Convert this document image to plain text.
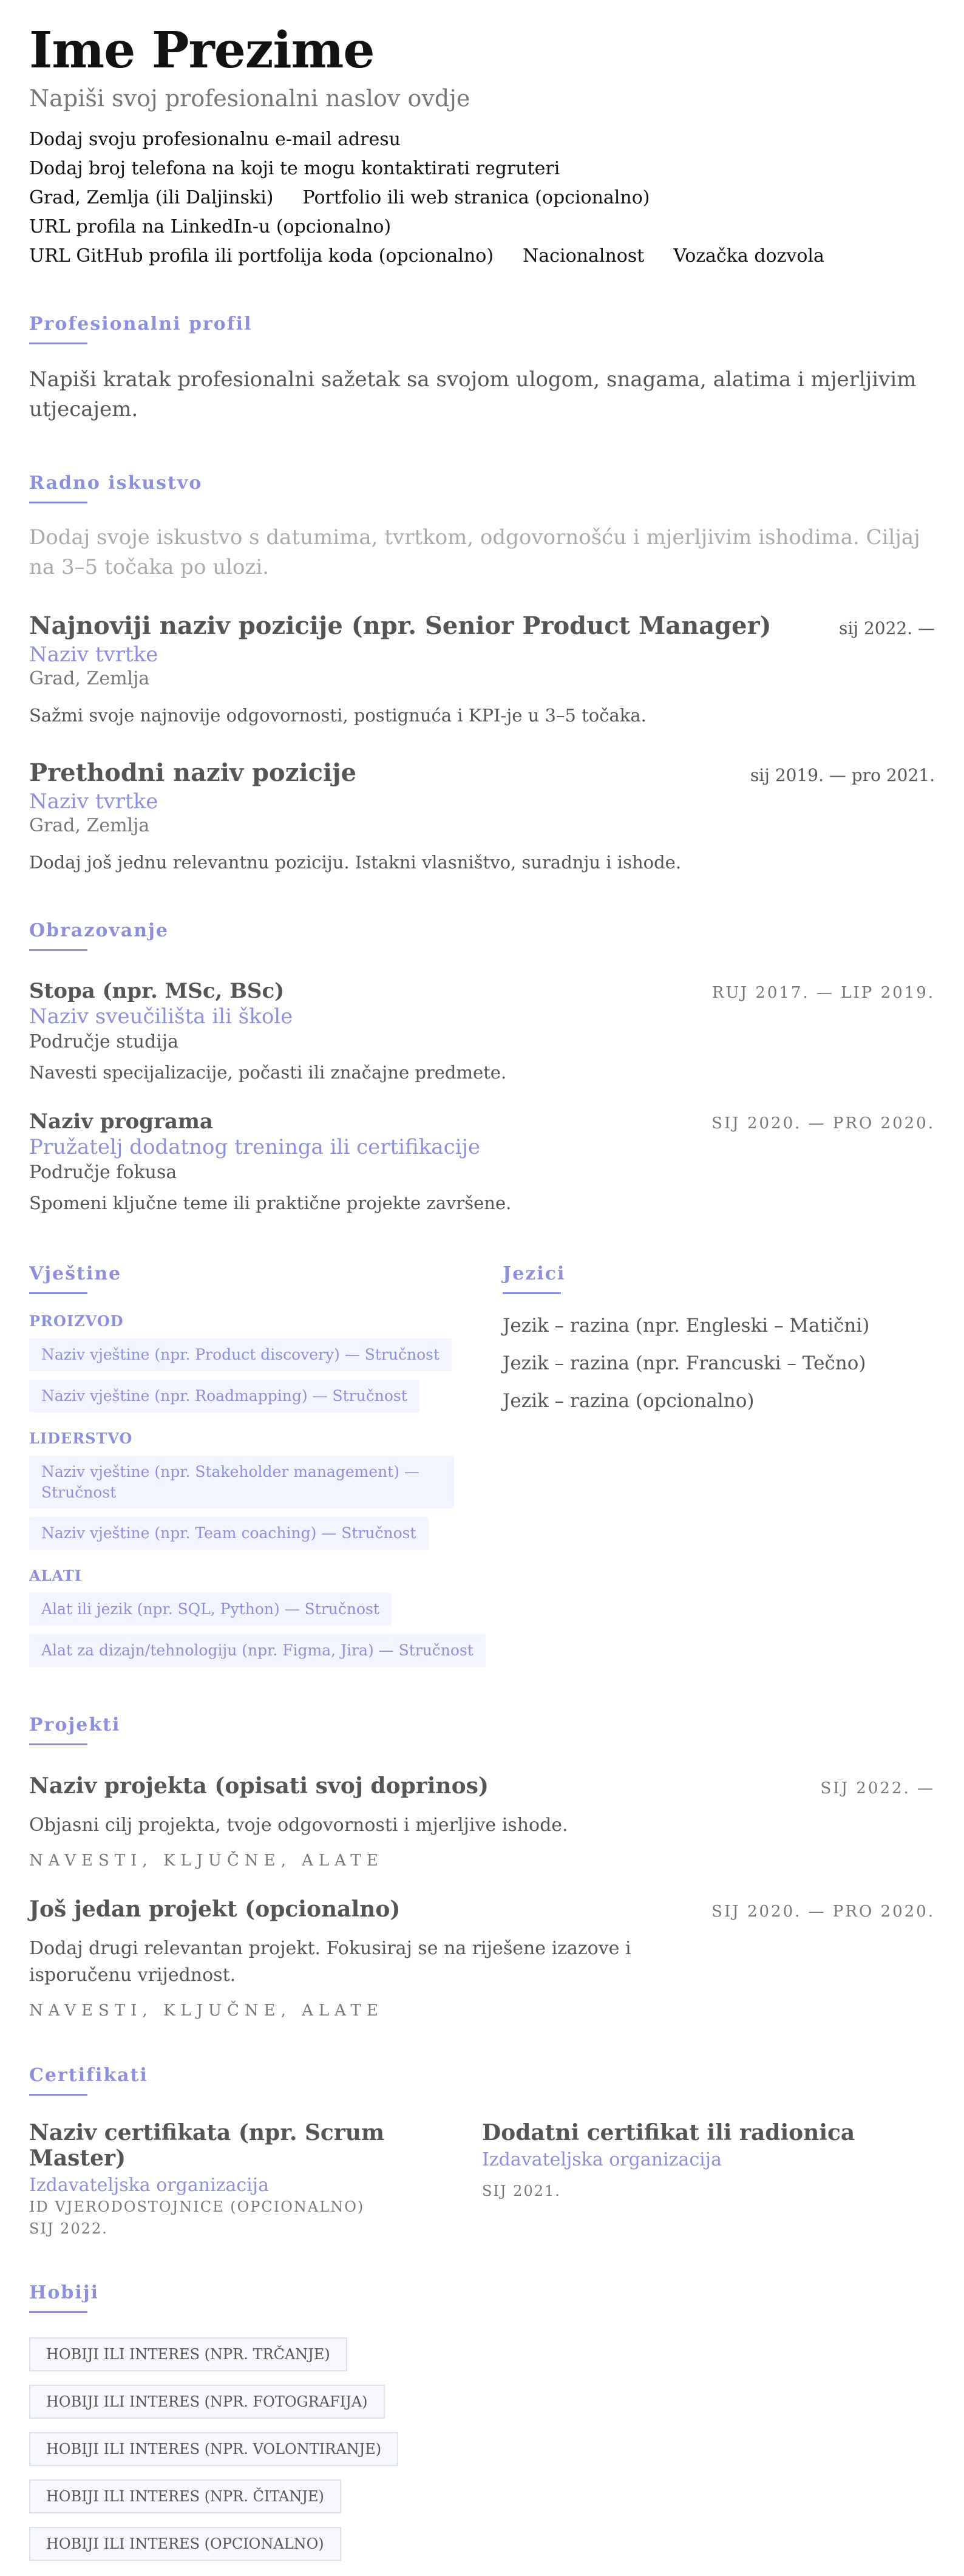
Ime Prezime
Napiši svoj profesionalni naslov ovdje
Dodaj svoju profesionalnu e-mail adresuDodaj broj telefona na koji te mogu kontaktirati regruteri
Grad, Zemlja (ili Daljinski) Portfolio ili web stranica (opcionalno)URL profila na LinkedIn-u (opcionalno)
URL GitHub profila ili portfolija koda (opcionalno) Nacionalnost Vozačka dozvola
Profesionalni profil
Napiši kratak profesionalni sažetak sa svojom ulogom, snagama, alatima i mjerljivim utjecajem.
Radno iskustvo
Dodaj svoje iskustvo s datumima, tvrtkom, odgovornošću i mjerljivim ishodima. Ciljaj na 3–5 točaka po ulozi.
Najnoviji naziv pozicije (npr. Senior Product Manager)	sij 2022. —
Naziv tvrtke
Grad, Zemlja
Sažmi svoje najnovije odgovornosti, postignuća i KPI-je u 3–5 točaka.
Prethodni naziv pozicije	sij 2019. — pro 2021.
Naziv tvrtke
Grad, Zemlja
Dodaj još jednu relevantnu poziciju. Istakni vlasništvo, suradnju i ishode.
Obrazovanje
Stopa (npr. MSc, BSc)	RUJ 2017. — LIP 2019.
Naziv sveučilišta ili škole
Područje studija
Navesti specijalizacije, počasti ili značajne predmete.
Naziv programa	SIJ 2020. — PRO 2020.
Pružatelj dodatnog treninga ili certifikacije
Područje fokusa
Spomeni ključne teme ili praktične projekte završene.
Vještine
PROIZVOD
Naziv vještine (npr. Product discovery) — Stručnost
Naziv vještine (npr. Roadmapping) — Stručnost
LIDERSTVO
Naziv vještine (npr. Stakeholder management) — Stručnost
Naziv vještine (npr. Team coaching) — Stručnost
ALATI
Alat ili jezik (npr. SQL, Python) — Stručnost
Alat za dizajn/tehnologiju (npr. Figma, Jira) — Stručnost
Jezici
Jezik – razina (npr. Engleski – Matični)
Jezik – razina (npr. Francuski – Tečno)
Jezik – razina (opcionalno)
Projekti
Naziv projekta (opisati svoj doprinos)	SIJ 2022. —
Objasni cilj projekta, tvoje odgovornosti i mjerljive ishode.
NAVESTI, KLJUČNE, ALATE
Još jedan projekt (opcionalno)	SIJ 2020. — PRO 2020.
Dodaj drugi relevantan projekt. Fokusiraj se na riješene izazove i isporučenu vrijednost.
NAVESTI, KLJUČNE, ALATE
Certifikati
Naziv certifikata (npr. Scrum Master)
Izdavateljska organizacija
ID VJERODOSTOJNICE (OPCIONALNO)
SIJ 2022.
Dodatni certifikat ili radionica
Izdavateljska organizacija
SIJ 2021.
Hobiji
HOBIJI ILI INTERES (NPR. TRČANJE)HOBIJI ILI INTERES (NPR. FOTOGRAFIJA)
HOBIJI ILI INTERES (NPR. VOLONTIRANJE)HOBIJI ILI INTERES (NPR. ČITANJE)
HOBIJI ILI INTERES (OPCIONALNO)
